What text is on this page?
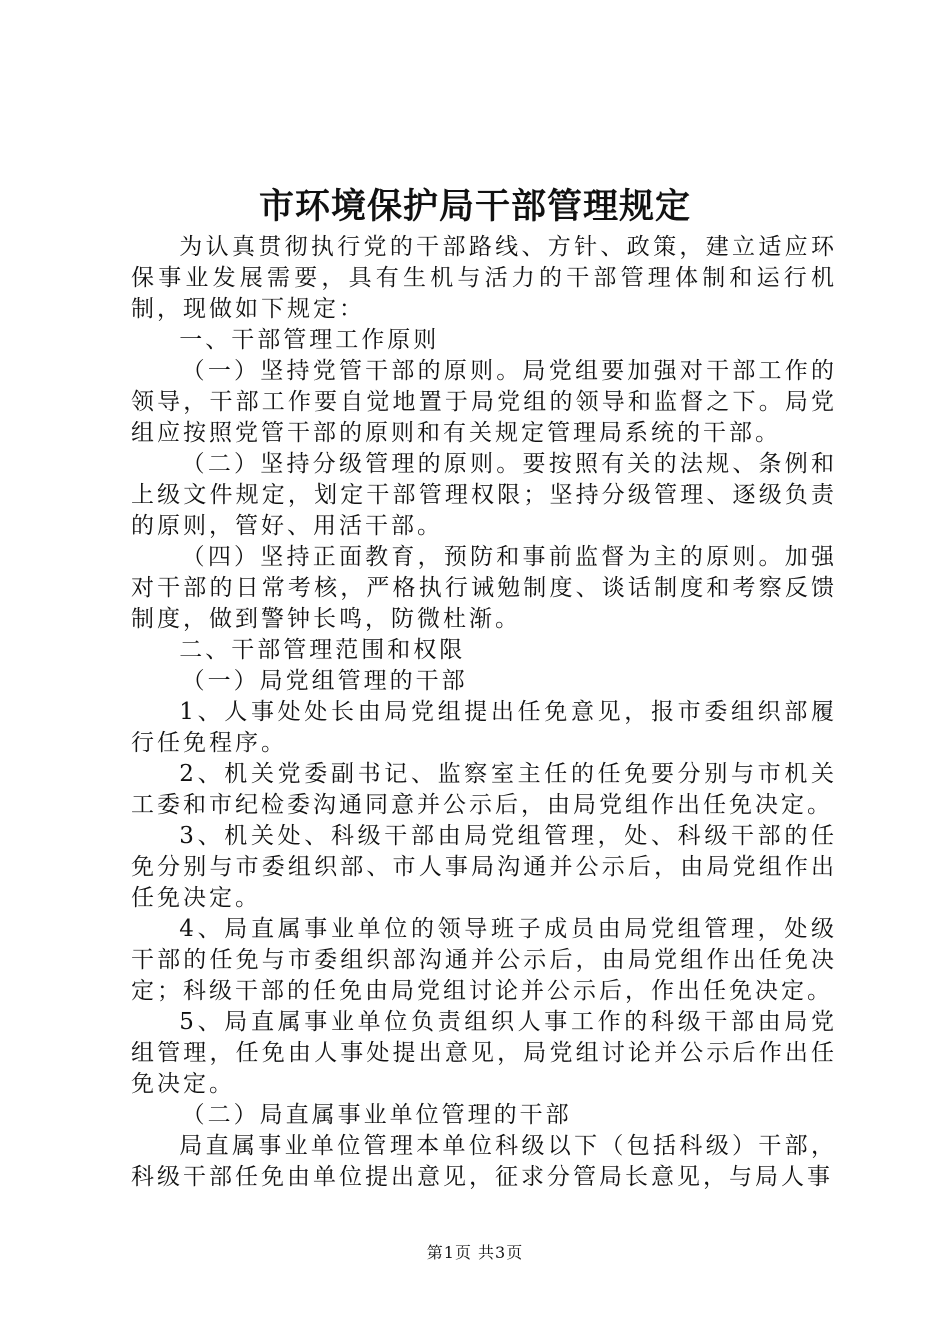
市环境保护局干部管理规定

为认真贯彻执行党的干部路线、方针、政策，建立适应环保事业发展需要，具有生机与活力的干部管理体制和运行机制，现做如下规定：

一、干部管理工作原则

（一）坚持党管干部的原则。局党组要加强对干部工作的领导，干部工作要自觉地置于局党组的领导和监督之下。局党组应按照党管干部的原则和有关规定管理局系统的干部。

（二）坚持分级管理的原则。要按照有关的法规、条例和上级文件规定，划定干部管理权限；坚持分级管理、逐级负责的原则，管好、用活干部。

（四）坚持正面教育，预防和事前监督为主的原则。加强对干部的日常考核，严格执行诫勉制度、谈话制度和考察反馈制度，做到警钟长鸣，防微杜渐。

二、干部管理范围和权限

（一）局党组管理的干部

1、人事处处长由局党组提出任免意见，报市委组织部履行任免程序。

2、机关党委副书记、监察室主任的任免要分别与市机关工委和市纪检委沟通同意并公示后，由局党组作出任免决定。

3、机关处、科级干部由局党组管理，处、科级干部的任免分别与市委组织部、市人事局沟通并公示后，由局党组作出任免决定。

4、局直属事业单位的领导班子成员由局党组管理，处级干部的任免与市委组织部沟通并公示后，由局党组作出任免决定；科级干部的任免由局党组讨论并公示后，作出任免决定。

5、局直属事业单位负责组织人事工作的科级干部由局党组管理，任免由人事处提出意见，局党组讨论并公示后作出任免决定。

（二）局直属事业单位管理的干部

局直属事业单位管理本单位科级以下（包括科级）干部，科级干部任免由单位提出意见，征求分管局长意见，与局人事

第1页 共3页
